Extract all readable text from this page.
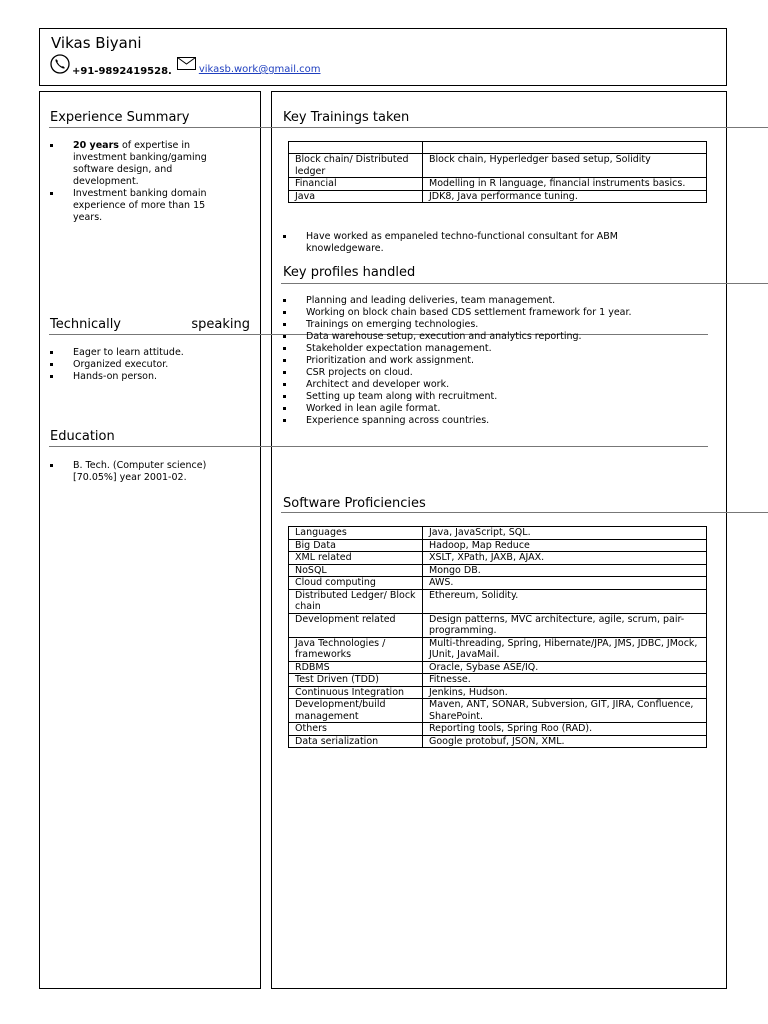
Vikas Biyani
+91-9892419528.	vikasb.work@gmail.com
Experience Summary
20 years of expertise in investment banking/gaming software design, and development.
Investment banking domain experience of more than 15 years.
Technically	speaking
Eager to learn attitude.
Organized executor.
Hands-on person.
Education
B. Tech. (Computer science) [70.05%] year 2001-02.
Key Trainings taken

Block chain/ Distributed ledger	Block chain, Hyperledger based setup, Solidity
Financial	Modelling in R language, financial instruments basics.
Java	JDK8, Java performance tuning.
Have worked as empaneled techno-functional consultant for ABM knowledgeware.
Key profiles handled
Planning and leading deliveries, team management.
Working on block chain based CDS settlement framework for 1 year.
Trainings on emerging technologies.
Data warehouse setup, execution and analytics reporting.
Stakeholder expectation management.
Prioritization and work assignment.
CSR projects on cloud.
Architect and developer work.
Setting up team along with recruitment.
Worked in lean agile format.
Experience spanning across countries.
Software Proficiencies
Languages	Java, JavaScript, SQL.
Big Data	Hadoop, Map Reduce
XML related	XSLT, XPath, JAXB, AJAX.
NoSQL	Mongo DB.
Cloud computing	AWS.
Distributed Ledger/ Block chain	Ethereum, Solidity.
Development related	Design patterns, MVC architecture, agile, scrum, pair-programming.
Java Technologies / frameworks	Multi-threading, Spring, Hibernate/JPA, JMS, JDBC, JMock, JUnit, JavaMail.
RDBMS	Oracle, Sybase ASE/IQ.
Test Driven (TDD)	Fitnesse.
Continuous Integration	Jenkins, Hudson.
Development/build management	Maven, ANT, SONAR, Subversion, GIT, JIRA, Confluence, SharePoint.
Others	Reporting tools, Spring Roo (RAD).
Data serialization	Google protobuf, JSON, XML.
